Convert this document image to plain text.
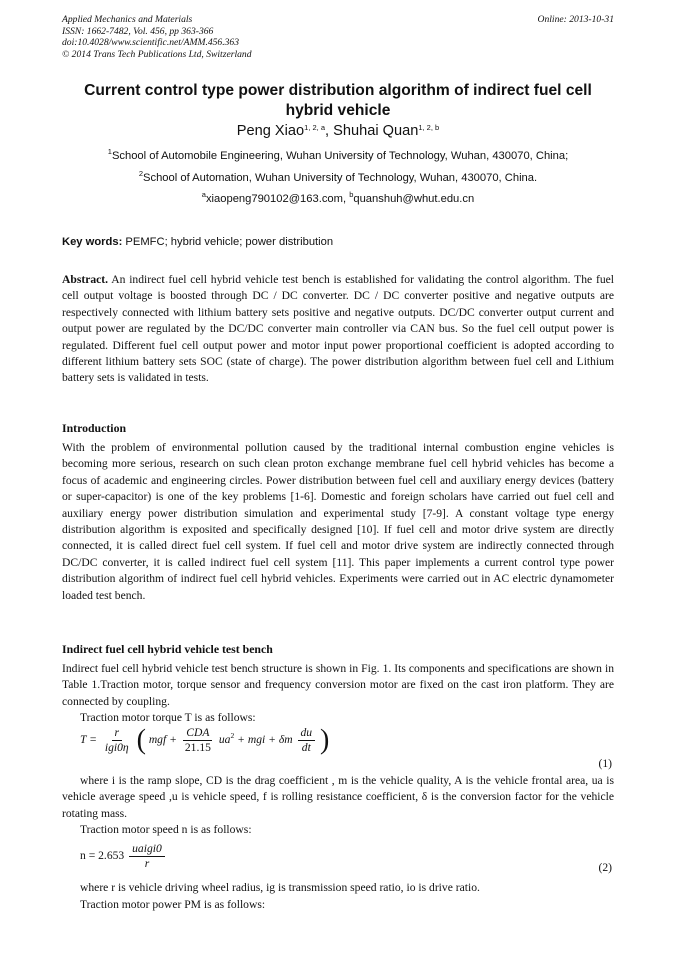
Applied Mechanics and Materials
ISSN: 1662-7482, Vol. 456, pp 363-366
doi:10.4028/www.scientific.net/AMM.456.363
© 2014 Trans Tech Publications Ltd, Switzerland
Online: 2013-10-31
Current control type power distribution algorithm of indirect fuel cell
hybrid vehicle
Peng Xiao$^{1, 2, a}$, Shuhai Quan$^{1, 2, b}$
$^1$School of Automobile Engineering, Wuhan University of Technology, Wuhan, 430070, China;
$^2$School of Automation, Wuhan University of Technology, Wuhan, 430070, China.
$^a$xiaopeng790102@163.com, $^b$quanshuh@whut.edu.cn
Key words: PEMFC; hybrid vehicle; power distribution
Abstract. An indirect fuel cell hybrid vehicle test bench is established for validating the control algorithm. The fuel cell output voltage is boosted through DC / DC converter. DC / DC converter positive and negative outputs are respectively connected with lithium battery sets positive and negative outputs. DC/DC converter output current and output power are regulated by the DC/DC converter main controller via CAN bus. So the fuel cell output power is regulated. Different fuel cell output power and motor input power proportional coefficient is adopted according to different lithium battery sets SOC (state of charge). The power distribution algorithm between fuel cell and Lithium battery sets is validated in tests.
Introduction
With the problem of environmental pollution caused by the traditional internal combustion engine vehicles is becoming more serious, research on such clean proton exchange membrane fuel cell hybrid vehicles has become a focus of academic and engineering circles. Power distribution between fuel cell and auxiliary energy devices (battery or super-capacitor) is one of the key problems [1-6]. Domestic and foreign scholars have carried out fuel cell and auxiliary energy power distribution simulation and experimental study [7-9]. A constant voltage type energy distribution algorithm is exposited and specifically designed [10]. If fuel cell and motor drive system are directly connected, it is called direct fuel cell system. If fuel cell and motor drive system are indirectly connected through DC/DC converter, it is called indirect fuel cell system [11]. This paper implements a current control type power distribution algorithm of indirect fuel cell hybrid vehicles. Experiments were carried out in AC electric dynamometer loaded test bench.
Indirect fuel cell hybrid vehicle test bench
Indirect fuel cell hybrid vehicle test bench structure is shown in Fig. 1. Its components and specifications are shown in Table 1.Traction motor, torque sensor and frequency conversion motor are fixed on the cast iron platform. They are connected by coupling.
Traction motor torque T is as follows:
$T = \frac{r}{\text{igi0η}}$ ( mgf + $\frac{\text{CDA}}{21.15} ua^2$ + mgi + δm $\frac{du}{dt}$ )
(1)
where i is the ramp slope, CD is the drag coefficient , m is the vehicle quality, A is the vehicle frontal area, ua is vehicle average speed ,u is vehicle speed, f is rolling resistance coefficient, δ is the conversion factor for the vehicle rotating mass.
Traction motor speed n is as follows:
$n = 2.653 \frac{\text{uaigi0}}{r}$	(2)
where r is vehicle driving wheel radius, ig is transmission speed ratio, io is drive ratio.
Traction motor power PM is as follows:
